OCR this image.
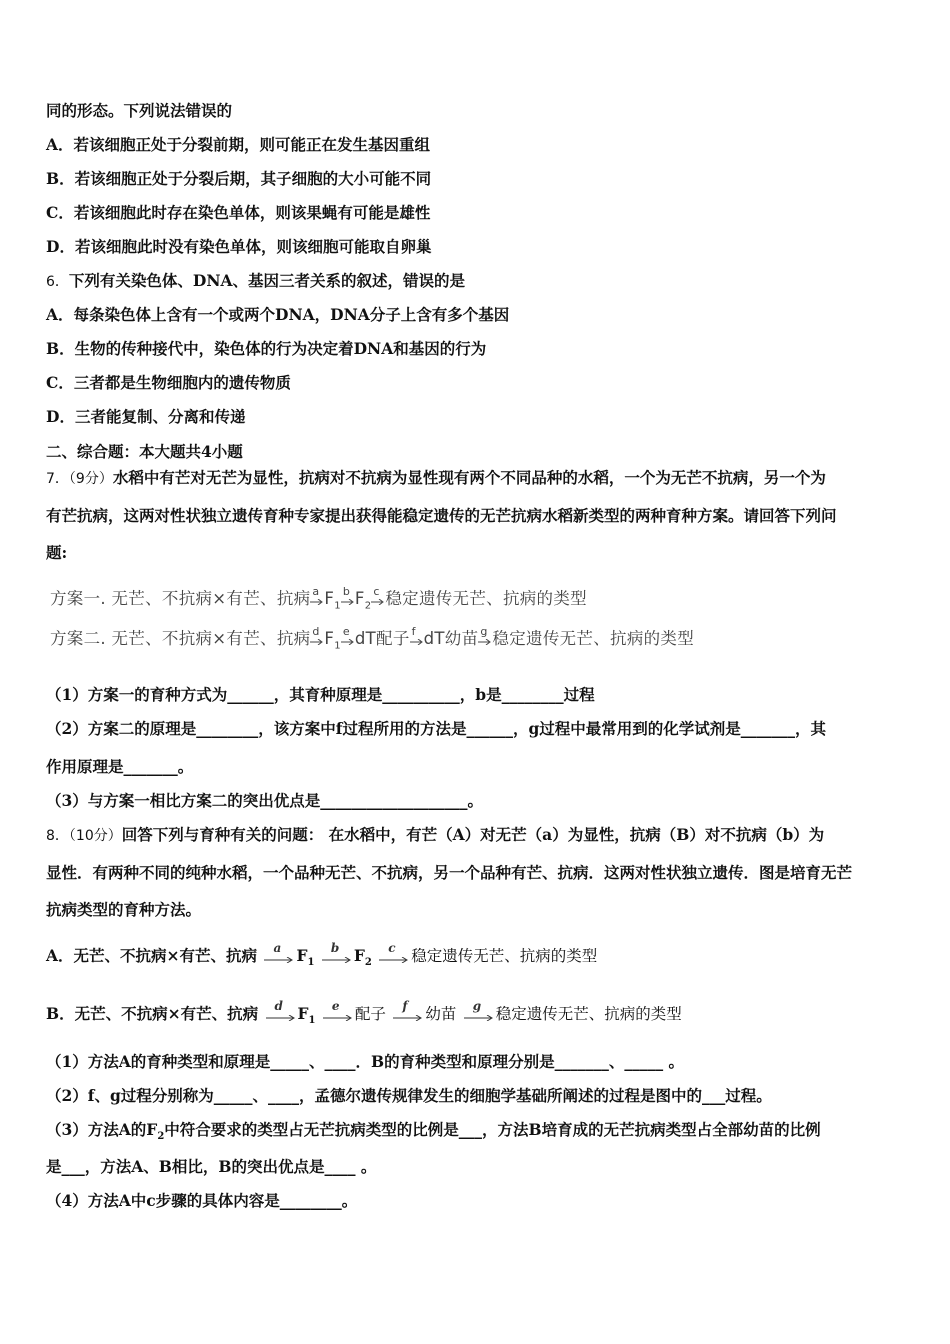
同的形态。下列说法错误的
A．若该细胞正处于分裂前期，则可能正在发生基因重组
B．若该细胞正处于分裂后期，其子细胞的大小可能不同
C．若该细胞此时存在染色单体，则该果蝇有可能是雄性
D．若该细胞此时没有染色单体，则该细胞可能取自卵巢
6．下列有关染色体、DNA、基因三者关系的叙述，错误的是
A．每条染色体上含有一个或两个DNA，DNA分子上含有多个基因
B．生物的传种接代中，染色体的行为决定着DNA和基因的行为
C．三者都是生物细胞内的遗传物质
D．三者能复制、分离和传递
二、综合题：本大题共4小题
7．（9分）水稻中有芒对无芒为显性，抗病对不抗病为显性现有两个不同品种的水稻，一个为无芒不抗病，另一个为
有芒抗病，这两对性状独立遗传育种专家提出获得能稳定遗传的无芒抗病水稻新类型的两种育种方案。请回答下列问
题:
方案一. 无芒、不抗病×有芒、抗病 a $F_1$
b $F_2$
c 稳定遗传无芒、抗病的类型
方案二. 无芒、不抗病×有芒、抗病 d $F_1$
e dT配子 f dT幼苗 g 稳定遗传无芒、抗病的类型
（1）方案一的育种方式为______，其育种原理是__________，b是________过程
（2）方案二的原理是________，该方案中f过程所用的方法是______，g过程中最常用到的化学试剂是_______，其
作用原理是_______。
（3）与方案一相比方案二的突出优点是___________________。
8．（10分）回答下列与育种有关的问题： 在水稻中，有芒（A）对无芒（a）为显性，抗病（B）对不抗病（b）为
显性．有两种不同的纯种水稻，一个品种无芒、不抗病，另一个品种有芒、抗病．这两对性状独立遗传．图是培育无芒
抗病类型的育种方法。
A．无芒、不抗病×有芒、抗病 a $F_1$
b $F_2$
c 稳定遗传无芒、抗病的类型
B．无芒、不抗病×有芒、抗病 d $F_1$
e 配子 f 幼苗 g 稳定遗传无芒、抗病的类型
（1）方法A的育种类型和原理是_____、____．B的育种类型和原理分别是_______、_____ 。
（2）f、g过程分别称为_____、____，孟德尔遗传规律发生的细胞学基础所阐述的过程是图中的___过程。
（3）方法A的$F_2$中符合要求的类型占无芒抗病类型的比例是___，方法B培育成的无芒抗病类型占全部幼苗的比例
是___，方法A、B相比，B的突出优点是____ 。
（4）方法A中c步骤的具体内容是________。
